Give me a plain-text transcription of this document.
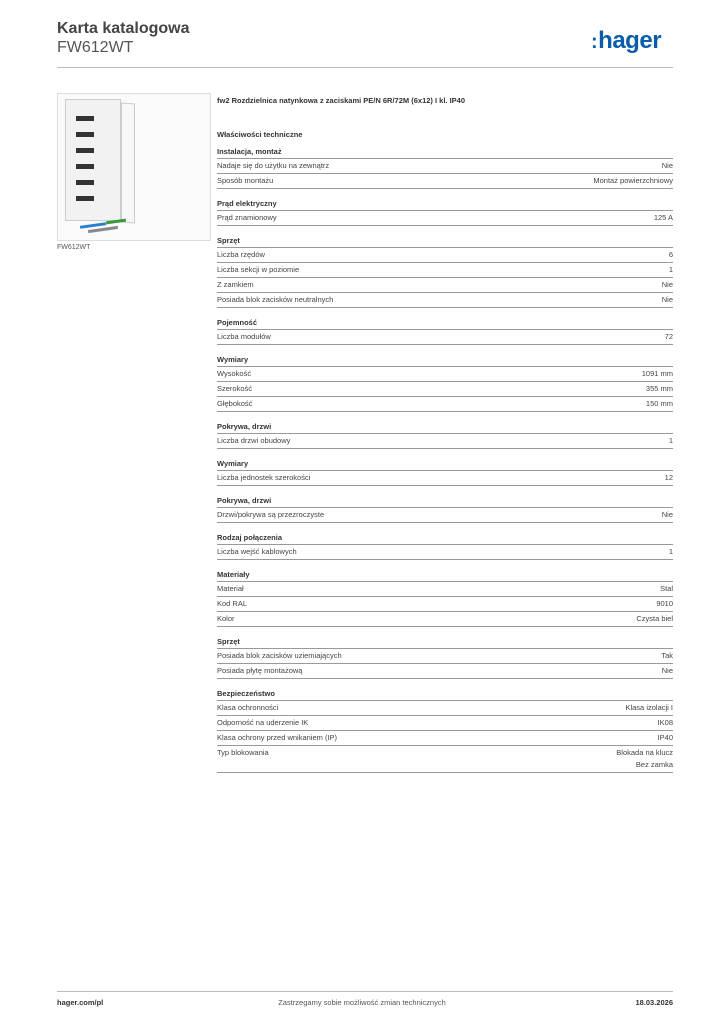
Karta katalogowa
FW612WT	:hager
FW612WT
fw2 Rozdzielnica natynkowa z zaciskami PE/N 6R/72M (6x12) I kl. IP40
Właściwości techniczne
Instalacja, montaż
Nadaje się do użytku na zewnątrz	Nie
Sposób montażu	Montaż powierzchniowy
Prąd elektryczny
Prąd znamionowy	125 A
Sprzęt
Liczba rzędów	6
Liczba sekcji w poziomie	1
Z zamkiem	Nie
Posiada blok zacisków neutralnych	Nie
Pojemność
Liczba modułów	72
Wymiary
Wysokość	1091 mm
Szerokość	355 mm
Głębokość	150 mm
Pokrywa, drzwi
Liczba drzwi obudowy	1
Wymiary
Liczba jednostek szerokości	12
Pokrywa, drzwi
Drzwi/pokrywa są przezroczyste	Nie
Rodzaj połączenia
Liczba wejść kablowych	1
Materiały
Materiał	Stal
Kod RAL	9010
Kolor	Czysta biel
Sprzęt
Posiada blok zacisków uziemiających	Tak
Posiada płytę montażową	Nie
Bezpieczeństwo
Klasa ochronności	Klasa izolacji I
Odporność na uderzenie IK	IK08
Klasa ochrony przed wnikaniem (IP)	IP40
Typ blokowania	Blokada na klucz
Bez zamka
hager.com/pl	Zastrzegamy sobie możliwość zmian technicznych	18.03.2026
